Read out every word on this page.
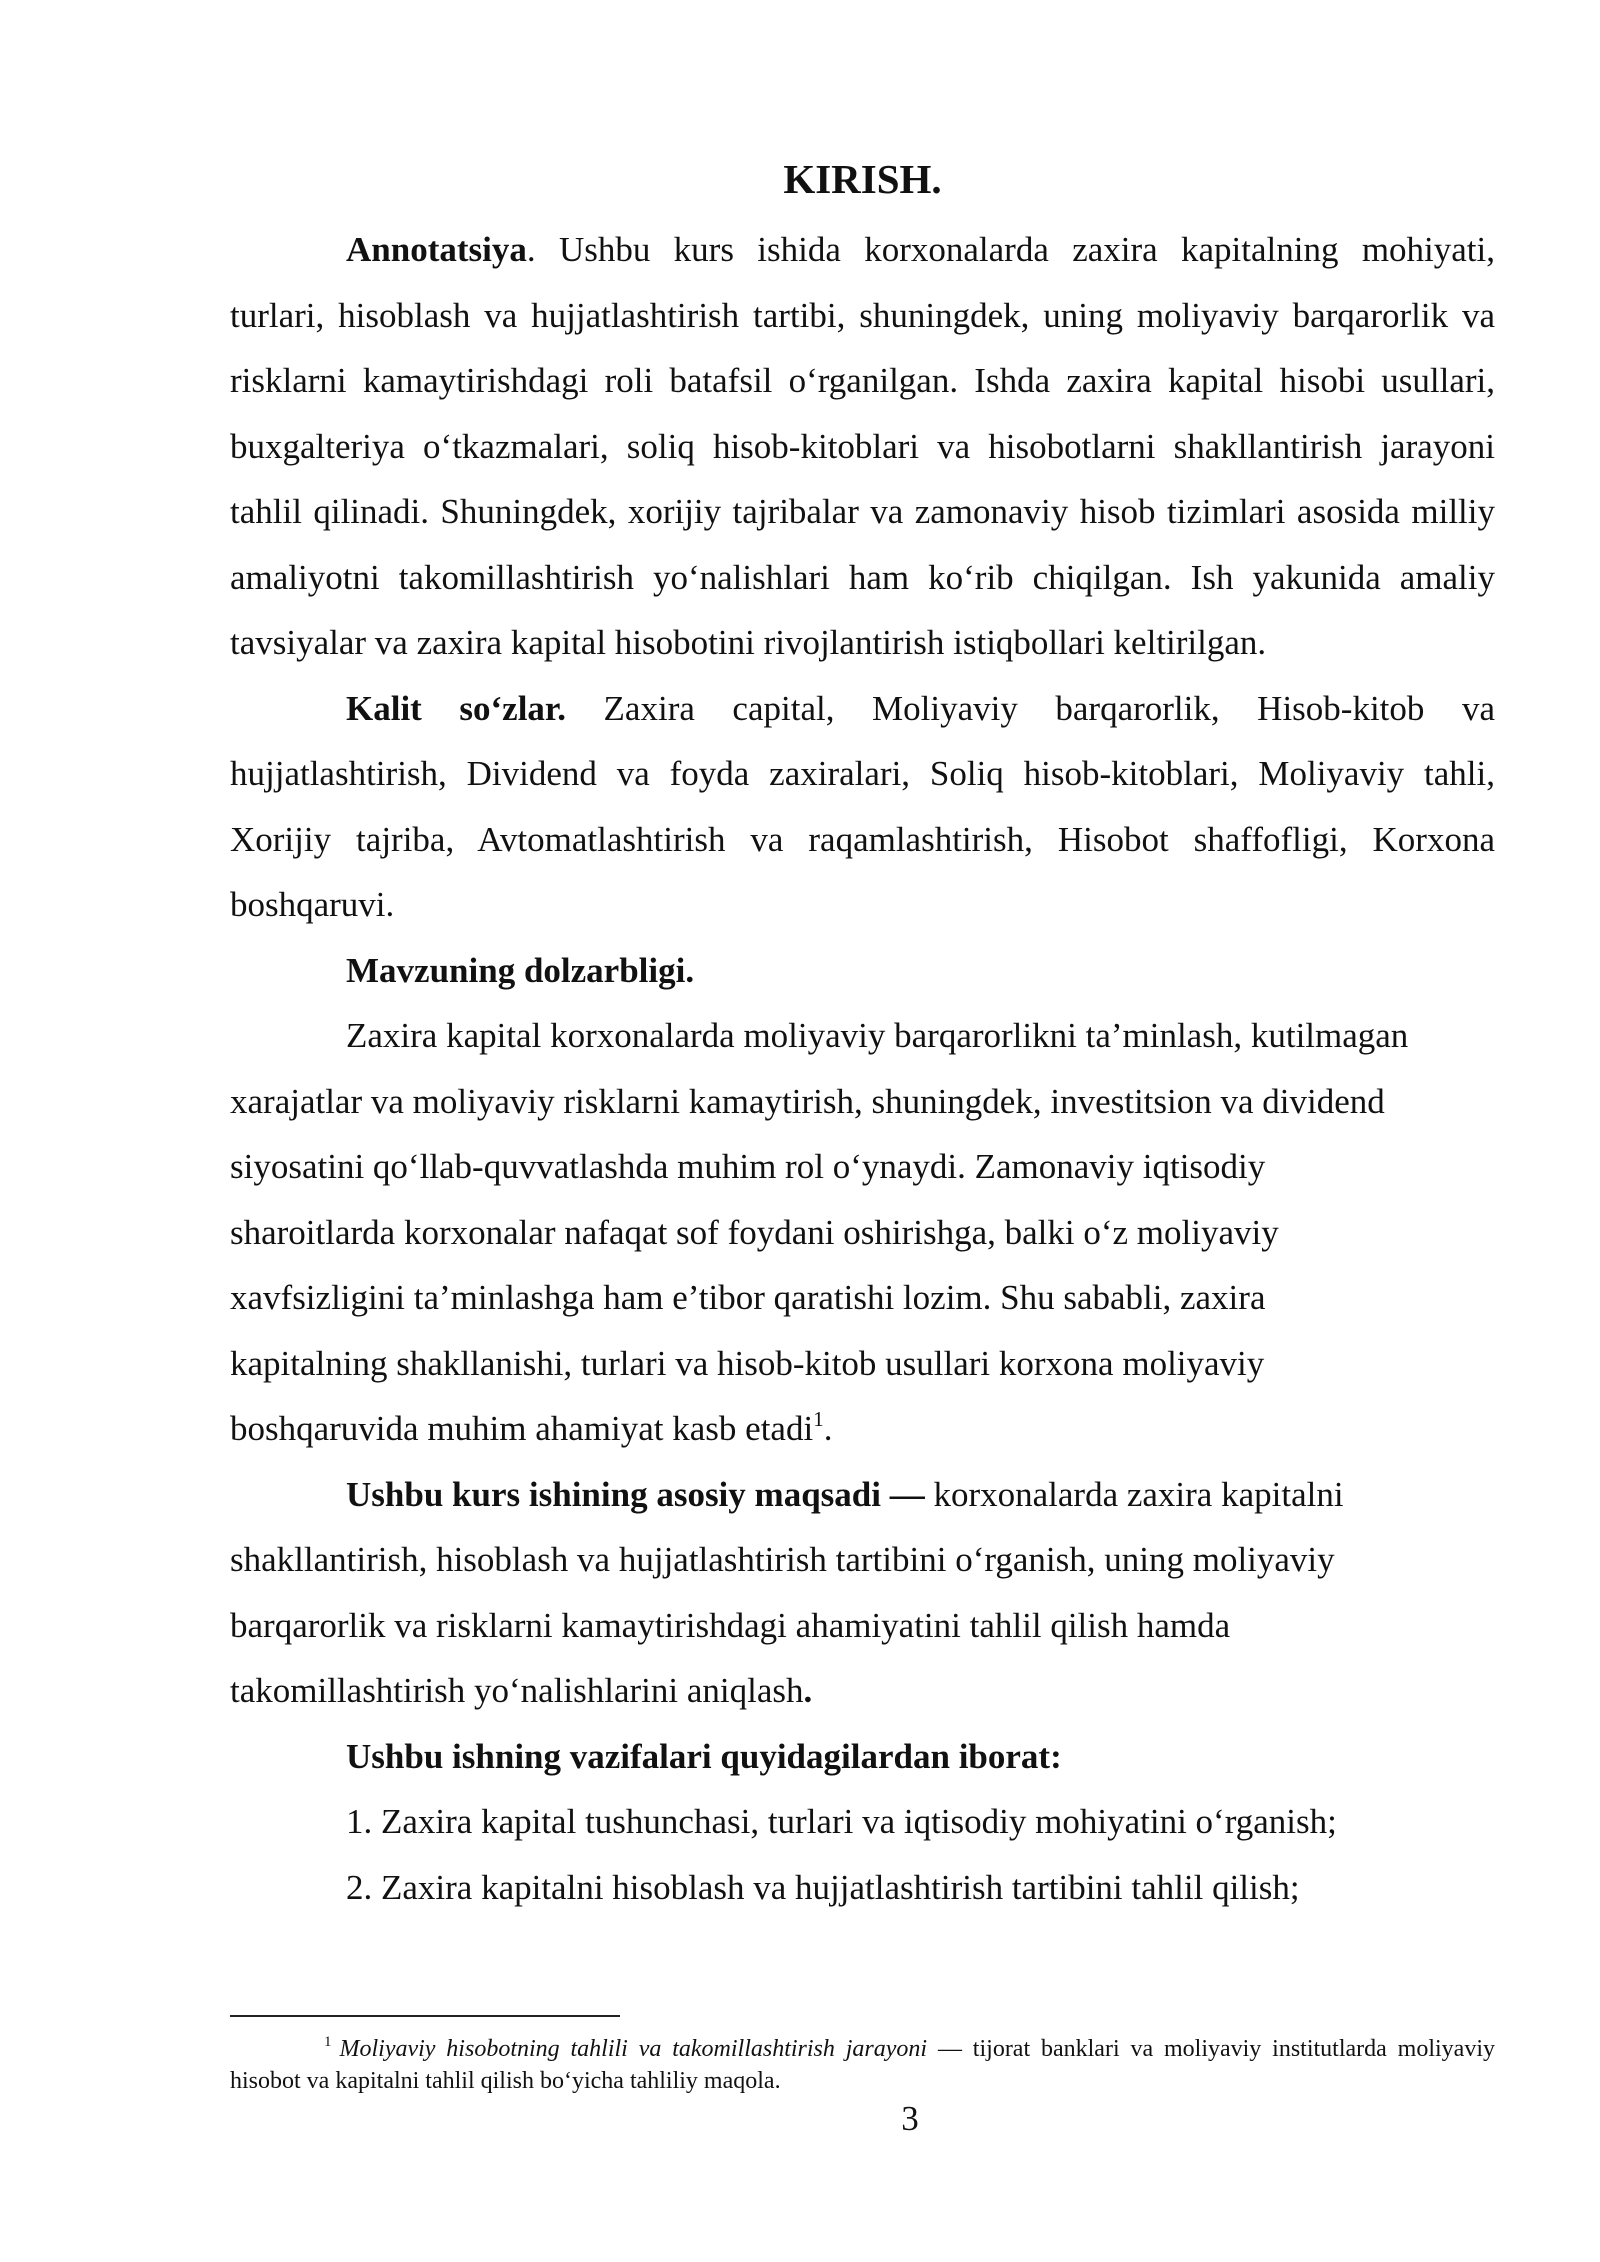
KIRISH.

Annotatsiya. Ushbu kurs ishida korxonalarda zaxira kapitalning mohiyati, turlari, hisoblash va hujjatlashtirish tartibi, shuningdek, uning moliyaviy barqarorlik va risklarni kamaytirishdagi roli batafsil o‘rganilgan. Ishda zaxira kapital hisobi usullari, buxgalteriya o‘tkazmalari, soliq hisob-kitoblari va hisobotlarni shakllantirish jarayoni tahlil qilinadi. Shuningdek, xorijiy tajribalar va zamonaviy hisob tizimlari asosida milliy amaliyotni takomillashtirish yo‘nalishlari ham ko‘rib chiqilgan. Ish yakunida amaliy tavsiyalar va zaxira kapital hisobotini rivojlantirish istiqbollari keltirilgan.

Kalit so‘zlar. Zaxira capital, Moliyaviy barqarorlik, Hisob-kitob va hujjatlashtirish, Dividend va foyda zaxiralari, Soliq hisob-kitoblari, Moliyaviy tahli, Xorijiy tajriba, Avtomatlashtirish va raqamlashtirish, Hisobot shaffofligi, Korxona boshqaruvi.

Mavzuning dolzarbligi.

Zaxira kapital korxonalarda moliyaviy barqarorlikni ta’minlash, kutilmagan
xarajatlar va moliyaviy risklarni kamaytirish, shuningdek, investitsion va dividend
siyosatini qo‘llab-quvvatlashda muhim rol o‘ynaydi. Zamonaviy iqtisodiy
sharoitlarda korxonalar nafaqat sof foydani oshirishga, balki o‘z moliyaviy
xavfsizligini ta’minlashga ham e’tibor qaratishi lozim. Shu sababli, zaxira
kapitalning shakllanishi, turlari va hisob-kitob usullari korxona moliyaviy
boshqaruvida muhim ahamiyat kasb etadi$^1$.

Ushbu kurs ishining asosiy maqsadi — korxonalarda zaxira kapitalni
shakllantirish, hisoblash va hujjatlashtirish tartibini o‘rganish, uning moliyaviy
barqarorlik va risklarni kamaytirishdagi ahamiyatini tahlil qilish hamda
takomillashtirish yo‘nalishlarini aniqlash.

Ushbu ishning vazifalari quyidagilardan iborat:

1. Zaxira kapital tushunchasi, turlari va iqtisodiy mohiyatini o‘rganish;

2. Zaxira kapitalni hisoblash va hujjatlashtirish tartibini tahlil qilish;

$^1$ Moliyaviy hisobotning tahlili va takomillashtirish jarayoni — tijorat banklari va moliyaviy institutlarda moliyaviy hisobot va kapitalni tahlil qilish bo‘yicha tahliliy maqola.

3
